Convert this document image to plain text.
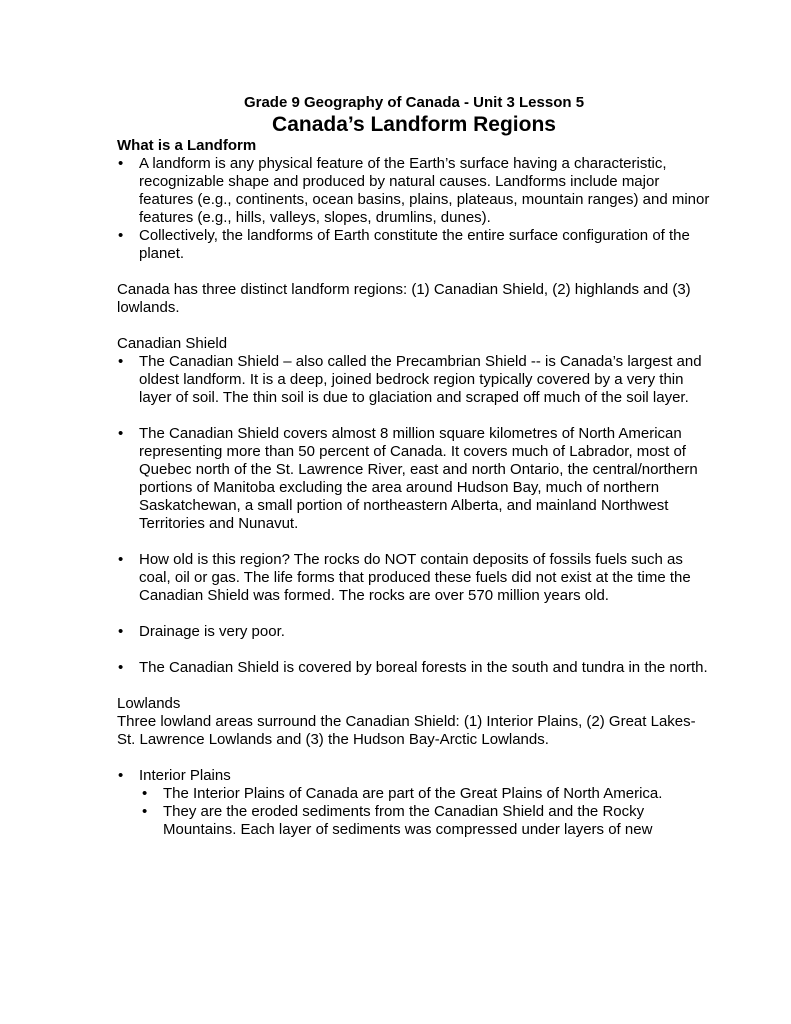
Grade 9 Geography of Canada - Unit 3 Lesson 5

Canada’s Landform Regions

What is a Landform

• A landform is any physical feature of the Earth’s surface having a characteristic, recognizable shape and produced by natural causes. Landforms include major features (e.g., continents, ocean basins, plains, plateaus, mountain ranges) and minor features (e.g., hills, valleys, slopes, drumlins, dunes).
• Collectively, the landforms of Earth constitute the entire surface configuration of the planet.

Canada has three distinct landform regions: (1) Canadian Shield, (2) highlands and (3) lowlands.

Canadian Shield

• The Canadian Shield – also called the Precambrian Shield -- is Canada’s largest and oldest landform. It is a deep, joined bedrock region typically covered by a very thin layer of soil. The thin soil is due to glaciation and scraped off much of the soil layer.
• The Canadian Shield covers almost 8 million square kilometres of North American representing more than 50 percent of Canada. It covers much of Labrador, most of Quebec north of the St. Lawrence River, east and north Ontario, the central/northern portions of Manitoba excluding the area around Hudson Bay, much of northern Saskatchewan, a small portion of northeastern Alberta, and mainland Northwest Territories and Nunavut.
• How old is this region? The rocks do NOT contain deposits of fossils fuels such as coal, oil or gas. The life forms that produced these fuels did not exist at the time the Canadian Shield was formed. The rocks are over 570 million years old.
• Drainage is very poor.
• The Canadian Shield is covered by boreal forests in the south and tundra in the north.

Lowlands

Three lowland areas surround the Canadian Shield: (1) Interior Plains, (2) Great Lakes-St. Lawrence Lowlands and (3) the Hudson Bay-Arctic Lowlands.

• Interior Plains
• The Interior Plains of Canada are part of the Great Plains of North America.
• They are the eroded sediments from the Canadian Shield and the Rocky Mountains. Each layer of sediments was compressed under layers of new
